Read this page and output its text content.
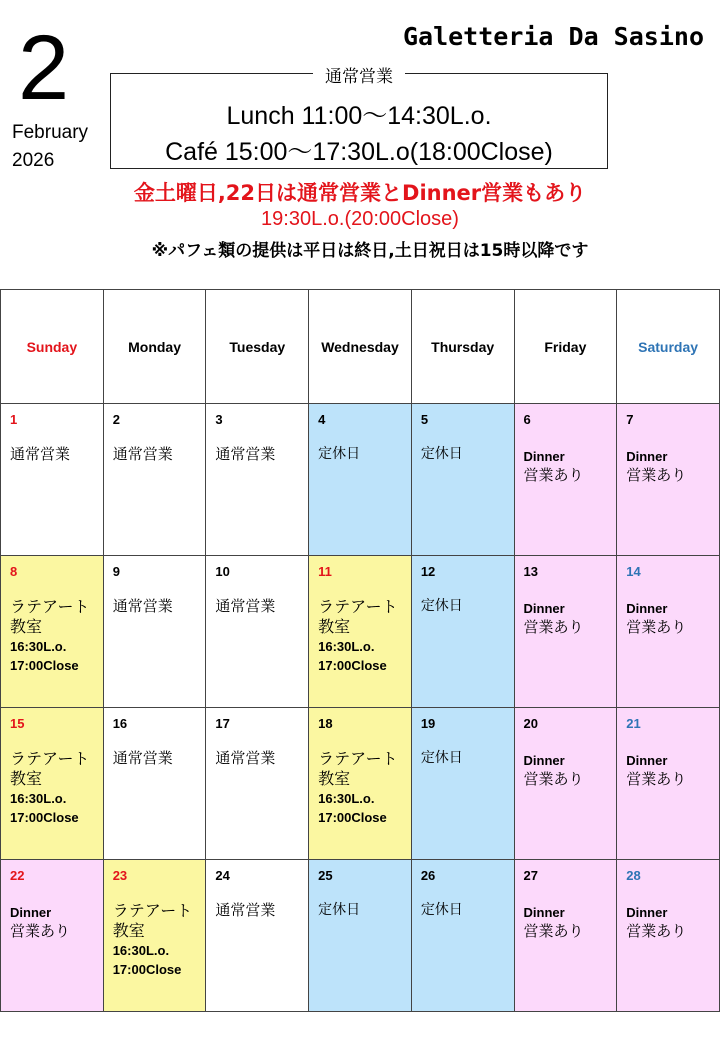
2
February
2026
Galetteria Da Sasino
通常営業
Lunch 11:00～14:30L.o.
Café 15:00～17:30L.o(18:00Close)
金土曜日,22日は通常営業とDinner営業もあり
19:30L.o.(20:00Close)
※パフェ類の提供は平日は終日,土日祝日は15時以降です
Sunday	Monday	Tuesday	Wednesday	Thursday	Friday	Saturday

1
通常営業	2
通常営業	3
通常営業	4
定休日	5
定休日	6
Dinner
営業あり	7
Dinner
営業あり

8
ラテアート
教室
16:30L.o.
17:00Close	9
通常営業	10
通常営業	11
ラテアート
教室
16:30L.o.
17:00Close	12
定休日	13
Dinner
営業あり	14
Dinner
営業あり

15
ラテアート
教室
16:30L.o.
17:00Close	16
通常営業	17
通常営業	18
ラテアート
教室
16:30L.o.
17:00Close	19
定休日	20
Dinner
営業あり	21
Dinner
営業あり

22
Dinner
営業あり	23
ラテアート
教室
16:30L.o.
17:00Close	24
通常営業	25
定休日	26
定休日	27
Dinner
営業あり	28
Dinner
営業あり
